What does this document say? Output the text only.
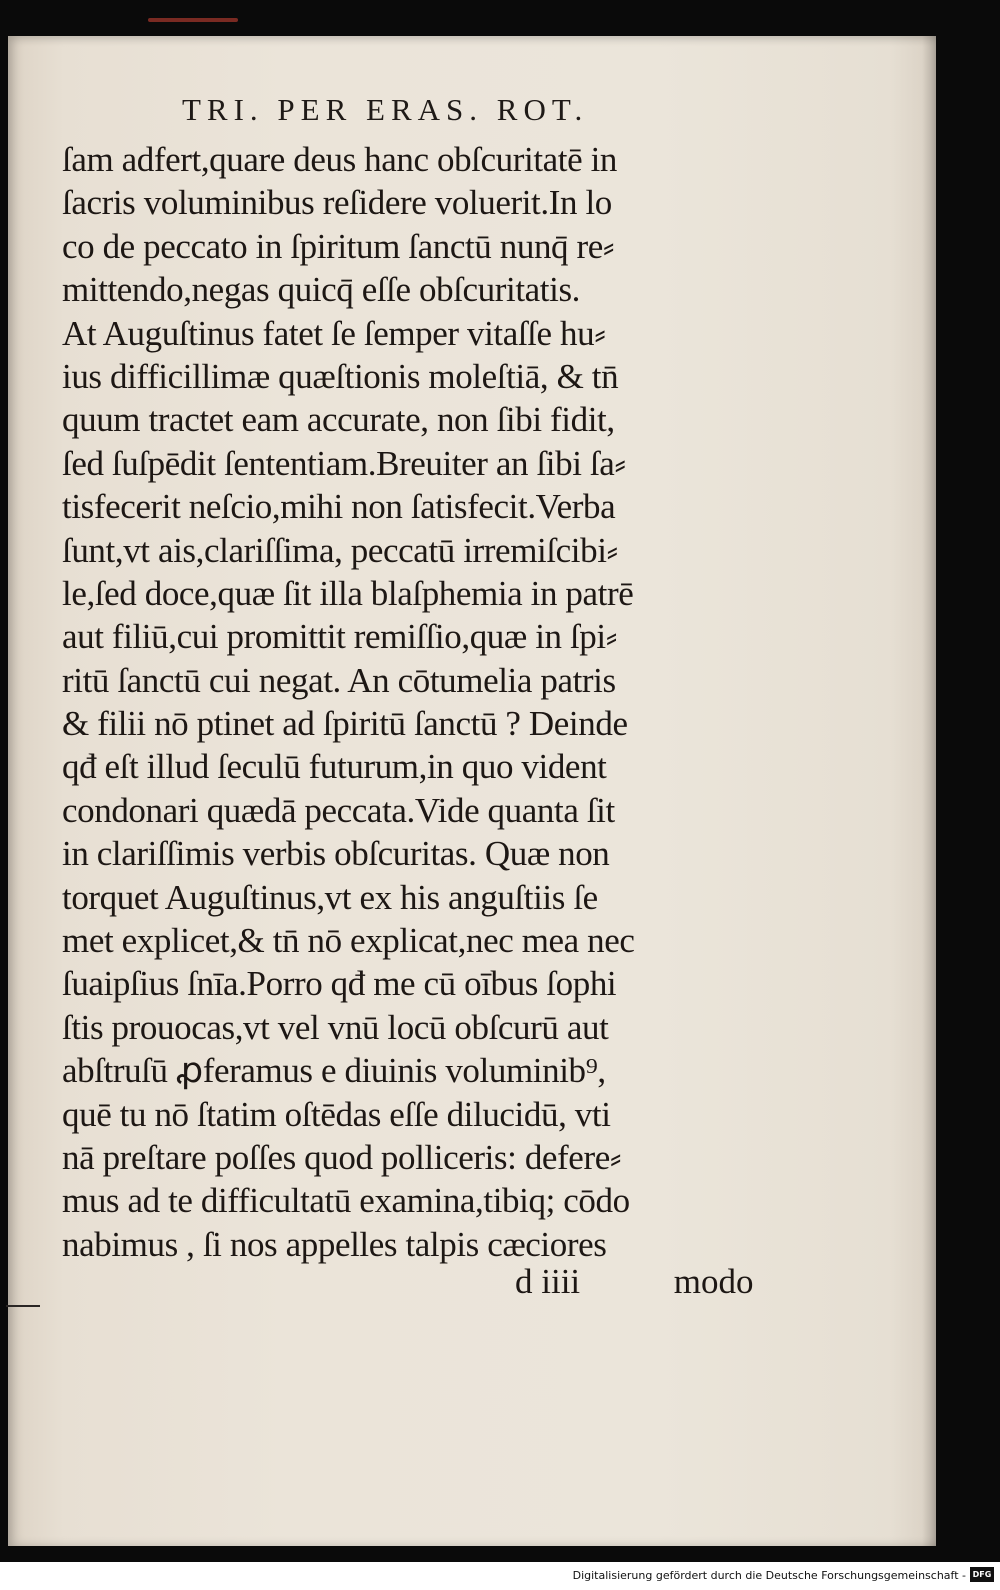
TRI. PER ERAS. ROT.
ſam adfert,quare deus hanc obſcuritatē in
ſacris voluminibus reſidere voluerit.In lo
co de peccato in ſpiritum ſanctū nunq̄ re⸗
mittendo,negas quicq̄ eſſe obſcuritatis.
At Auguſtinus fatet ſe ſemper vitaſſe hu⸗
ius difficillimæ quæſtionis moleſtiā, & tn̄
quum tractet eam accurate, non ſibi fidit,
ſed ſuſpēdit ſententiam.Breuiter an ſibi ſa⸗
tisfecerit neſcio,mihi non ſatisfecit.Verba
ſunt,vt ais,clariſſima, peccatū irremiſcibi⸗
le,ſed doce,quæ ſit illa blaſphemia in patrē
aut filiū,cui promittit remiſſio,quæ in ſpi⸗
ritū ſanctū cui negat. An cōtumelia patris
& filii nō ptinet ad ſpiritū ſanctū ? Deinde
qđ eſt illud ſeculū futurum,in quo vident
condonari quædā peccata.Vide quanta ſit
in clariſſimis verbis obſcuritas. Quæ non
torquet Auguſtinus,vt ex his anguſtiis ſe
met explicet,& tn̄ nō explicat,nec mea nec
ſuaipſius ſnīa.Porro qđ me cū oībus ſophi
ſtis prouocas,vt vel vnū locū obſcurū aut
abſtruſū ꝓferamus e diuinis voluminib⁹,
quē tu nō ſtatim oſtēdas eſſe dilucidū, vti
nā preſtare poſſes quod polliceris: defere⸗
mus ad te difficultatū examina,tibiq; cōdo
nabimus , ſi nos appelles talpis cæciores
d iiii	modo
Digitalisierung gefördert durch die Deutsche Forschungsgemeinschaft - DFG
